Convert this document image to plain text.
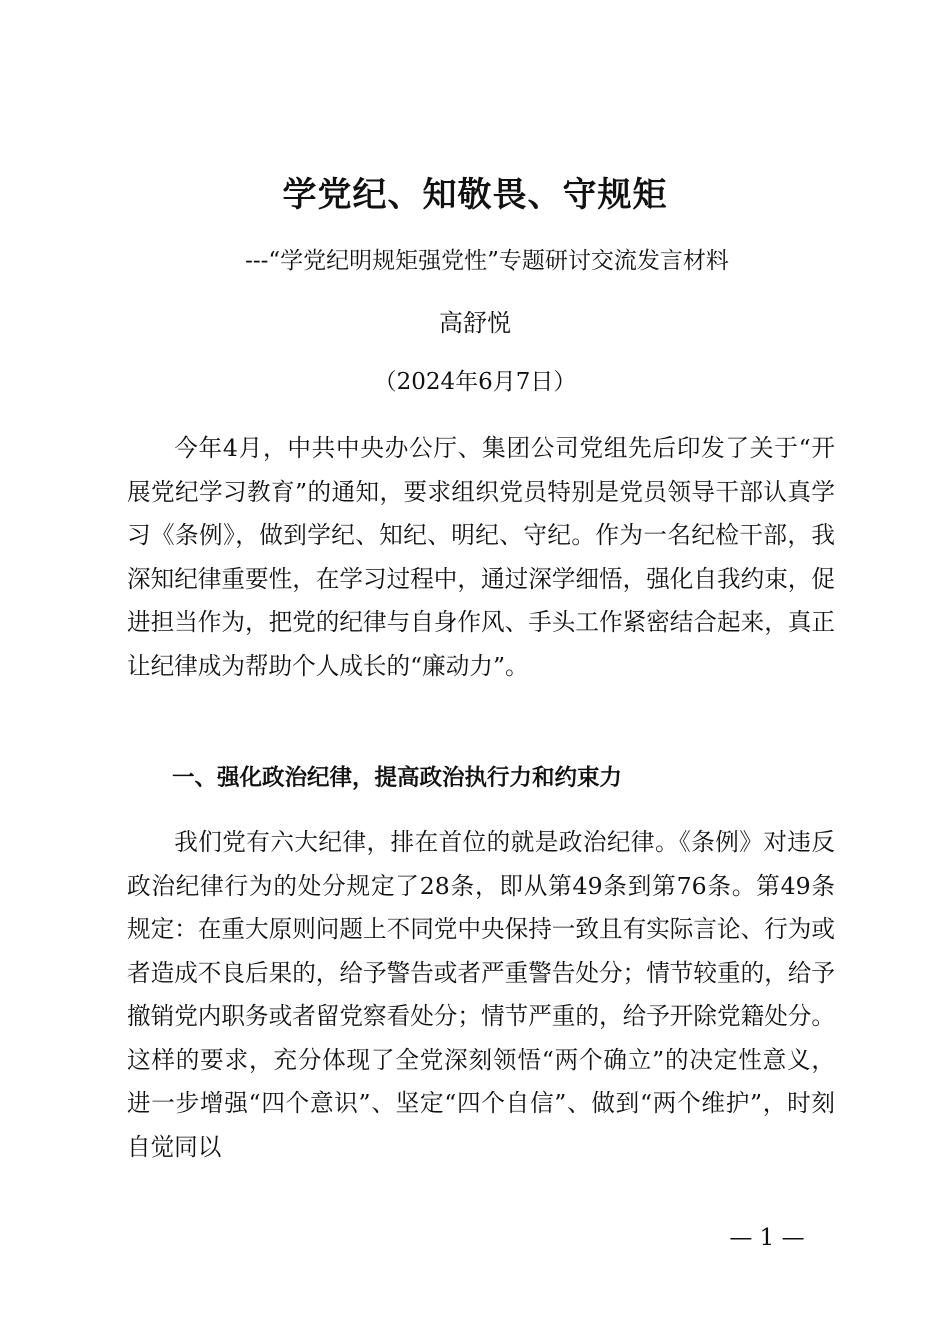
学党纪、知敬畏、守规矩
---“学党纪明规矩强党性”专题研讨交流发言材料
高舒悦
（2024年6月7日）

今年4月，中共中央办公厅、集团公司党组先后印发了关于“开展党纪学习教育”的通知，要求组织党员特别是党员领导干部认真学习《条例》，做到学纪、知纪、明纪、守纪。作为一名纪检干部，我深知纪律重要性，在学习过程中，通过深学细悟，强化自我约束，促进担当作为，把党的纪律与自身作风、手头工作紧密结合起来，真正让纪律成为帮助个人成长的“廉动力”。

一、强化政治纪律，提高政治执行力和约束力

我们党有六大纪律，排在首位的就是政治纪律。《条例》对违反政治纪律行为的处分规定了28条，即从第49条到第76条。第49条规定：在重大原则问题上不同党中央保持一致且有实际言论、行为或者造成不良后果的，给予警告或者严重警告处分；情节较重的，给予撤销党内职务或者留党察看处分；情节严重的，给予开除党籍处分。这样的要求，充分体现了全党深刻领悟“两个确立”的决定性意义，进一步增强“四个意识”、坚定“四个自信”、做到“两个维护”，时刻自觉同以

— 1 —
